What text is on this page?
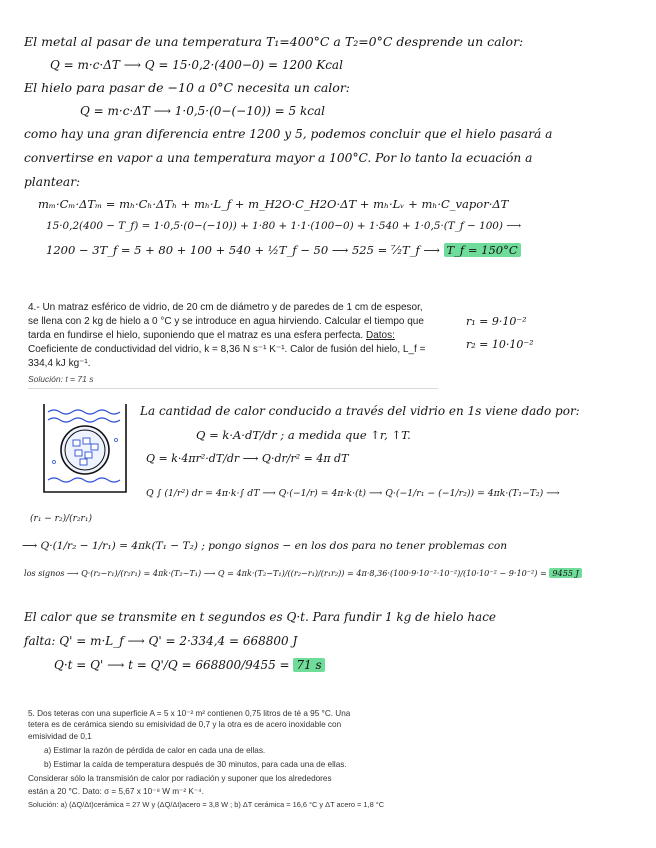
El metal al pasar de una temperatura T₁=400°C a T₂=0°C desprende un calor:
Q = m·c·ΔT ⟶ Q = 15·0,2·(400−0) = 1200 Kcal
El hielo para pasar de −10 a 0°C necesita un calor:
Q = m·c·ΔT ⟶ 1·0,5·(0−(−10)) = 5 kcal
como hay una gran diferencia entre 1200 y 5, podemos concluir que el hielo pasará a
convertirse en vapor a una temperatura mayor a 100°C. Por lo tanto la ecuación a
plantear:
mₘ·Cₘ·ΔTₘ = mₕ·Cₕ·ΔTₕ + mₕ·L_f + m_H2O·C_H2O·ΔT + mₕ·Lᵥ + mₕ·C_vapor·ΔT
15·0,2(400 − T_f) = 1·0,5·(0−(−10)) + 1·80 + 1·1·(100−0) + 1·540 + 1·0,5·(T_f − 100) ⟶
1200 − 3T_f = 5 + 80 + 100 + 540 + ½T_f − 50 ⟶ 525 = ⁷⁄₂T_f ⟶ T_f = 150°C
4.- Un matraz esférico de vidrio, de 20 cm de diámetro y de paredes de 1 cm de espesor,
se llena con 2 kg de hielo a 0 °C y se introduce en agua hirviendo. Calcular el tiempo que
tarda en fundirse el hielo, suponiendo que el matraz es una esfera perfecta. Datos:
Coeficiente de conductividad del vidrio, k = 8,36 N s⁻¹ K⁻¹. Calor de fusión del hielo, L_f =
334,4 kJ kg⁻¹.
Solución: t = 71 s
r₁ = 9·10⁻²
r₂ = 10·10⁻²
La cantidad de calor conducido a través del vidrio en 1s viene dado por:
Q = k·A·dT/dr ; a medida que ↑r, ↑T.
Q = k·4πr²·dT/dr ⟶ Q·dr/r² = 4π dT
Q ∫ (1/r²) dr = 4π·k·∫ dT ⟶ Q·(−1/r) = 4π·k·(t) ⟶ Q·(−1/r₁ − (−1/r₂)) = 4πk·(T₁−T₂) ⟶
(r₁ − r₂)/(r₂r₁)
⟶ Q·(1/r₂ − 1/r₁) = 4πk(T₁ − T₂) ; pongo signos − en los dos para no tener problemas con
los signos ⟶ Q·(r₂−r₁)/(r₂r₁) = 4πk·(T₂−T₁) ⟶ Q = 4πk·(T₂−T₁)/((r₂−r₁)/(r₁r₂)) = 4π·8,36·(100·9·10⁻²·10⁻²)/(10·10⁻² − 9·10⁻²) = 9455 J
El calor que se transmite en t segundos es Q·t. Para fundir 1 kg de hielo hace
falta: Q' = m·L_f ⟶ Q' = 2·334,4 = 668800 J
Q·t = Q' ⟶ t = Q'/Q = 668800/9455 = 71 s
5. Dos teteras con una superficie A = 5 x 10⁻² m² contienen 0,75 litros de té a 95 °C. Una
tetera es de cerámica siendo su emisividad de 0,7 y la otra es de acero inoxidable con
emisividad de 0,1
a) Estimar la razón de pérdida de calor en cada una de ellas.
b) Estimar la caída de temperatura después de 30 minutos, para cada una de ellas.
Considerar sólo la transmisión de calor por radiación y suponer que los alrededores
están a 20 °C. Dato: σ = 5,67 x 10⁻⁸ W m⁻² K⁻⁴.
Solución: a) (ΔQ/Δt)cerámica = 27 W y (ΔQ/Δt)acero = 3,8 W ; b) ΔT cerámica = 16,6 °C y ΔT acero = 1,8 °C
